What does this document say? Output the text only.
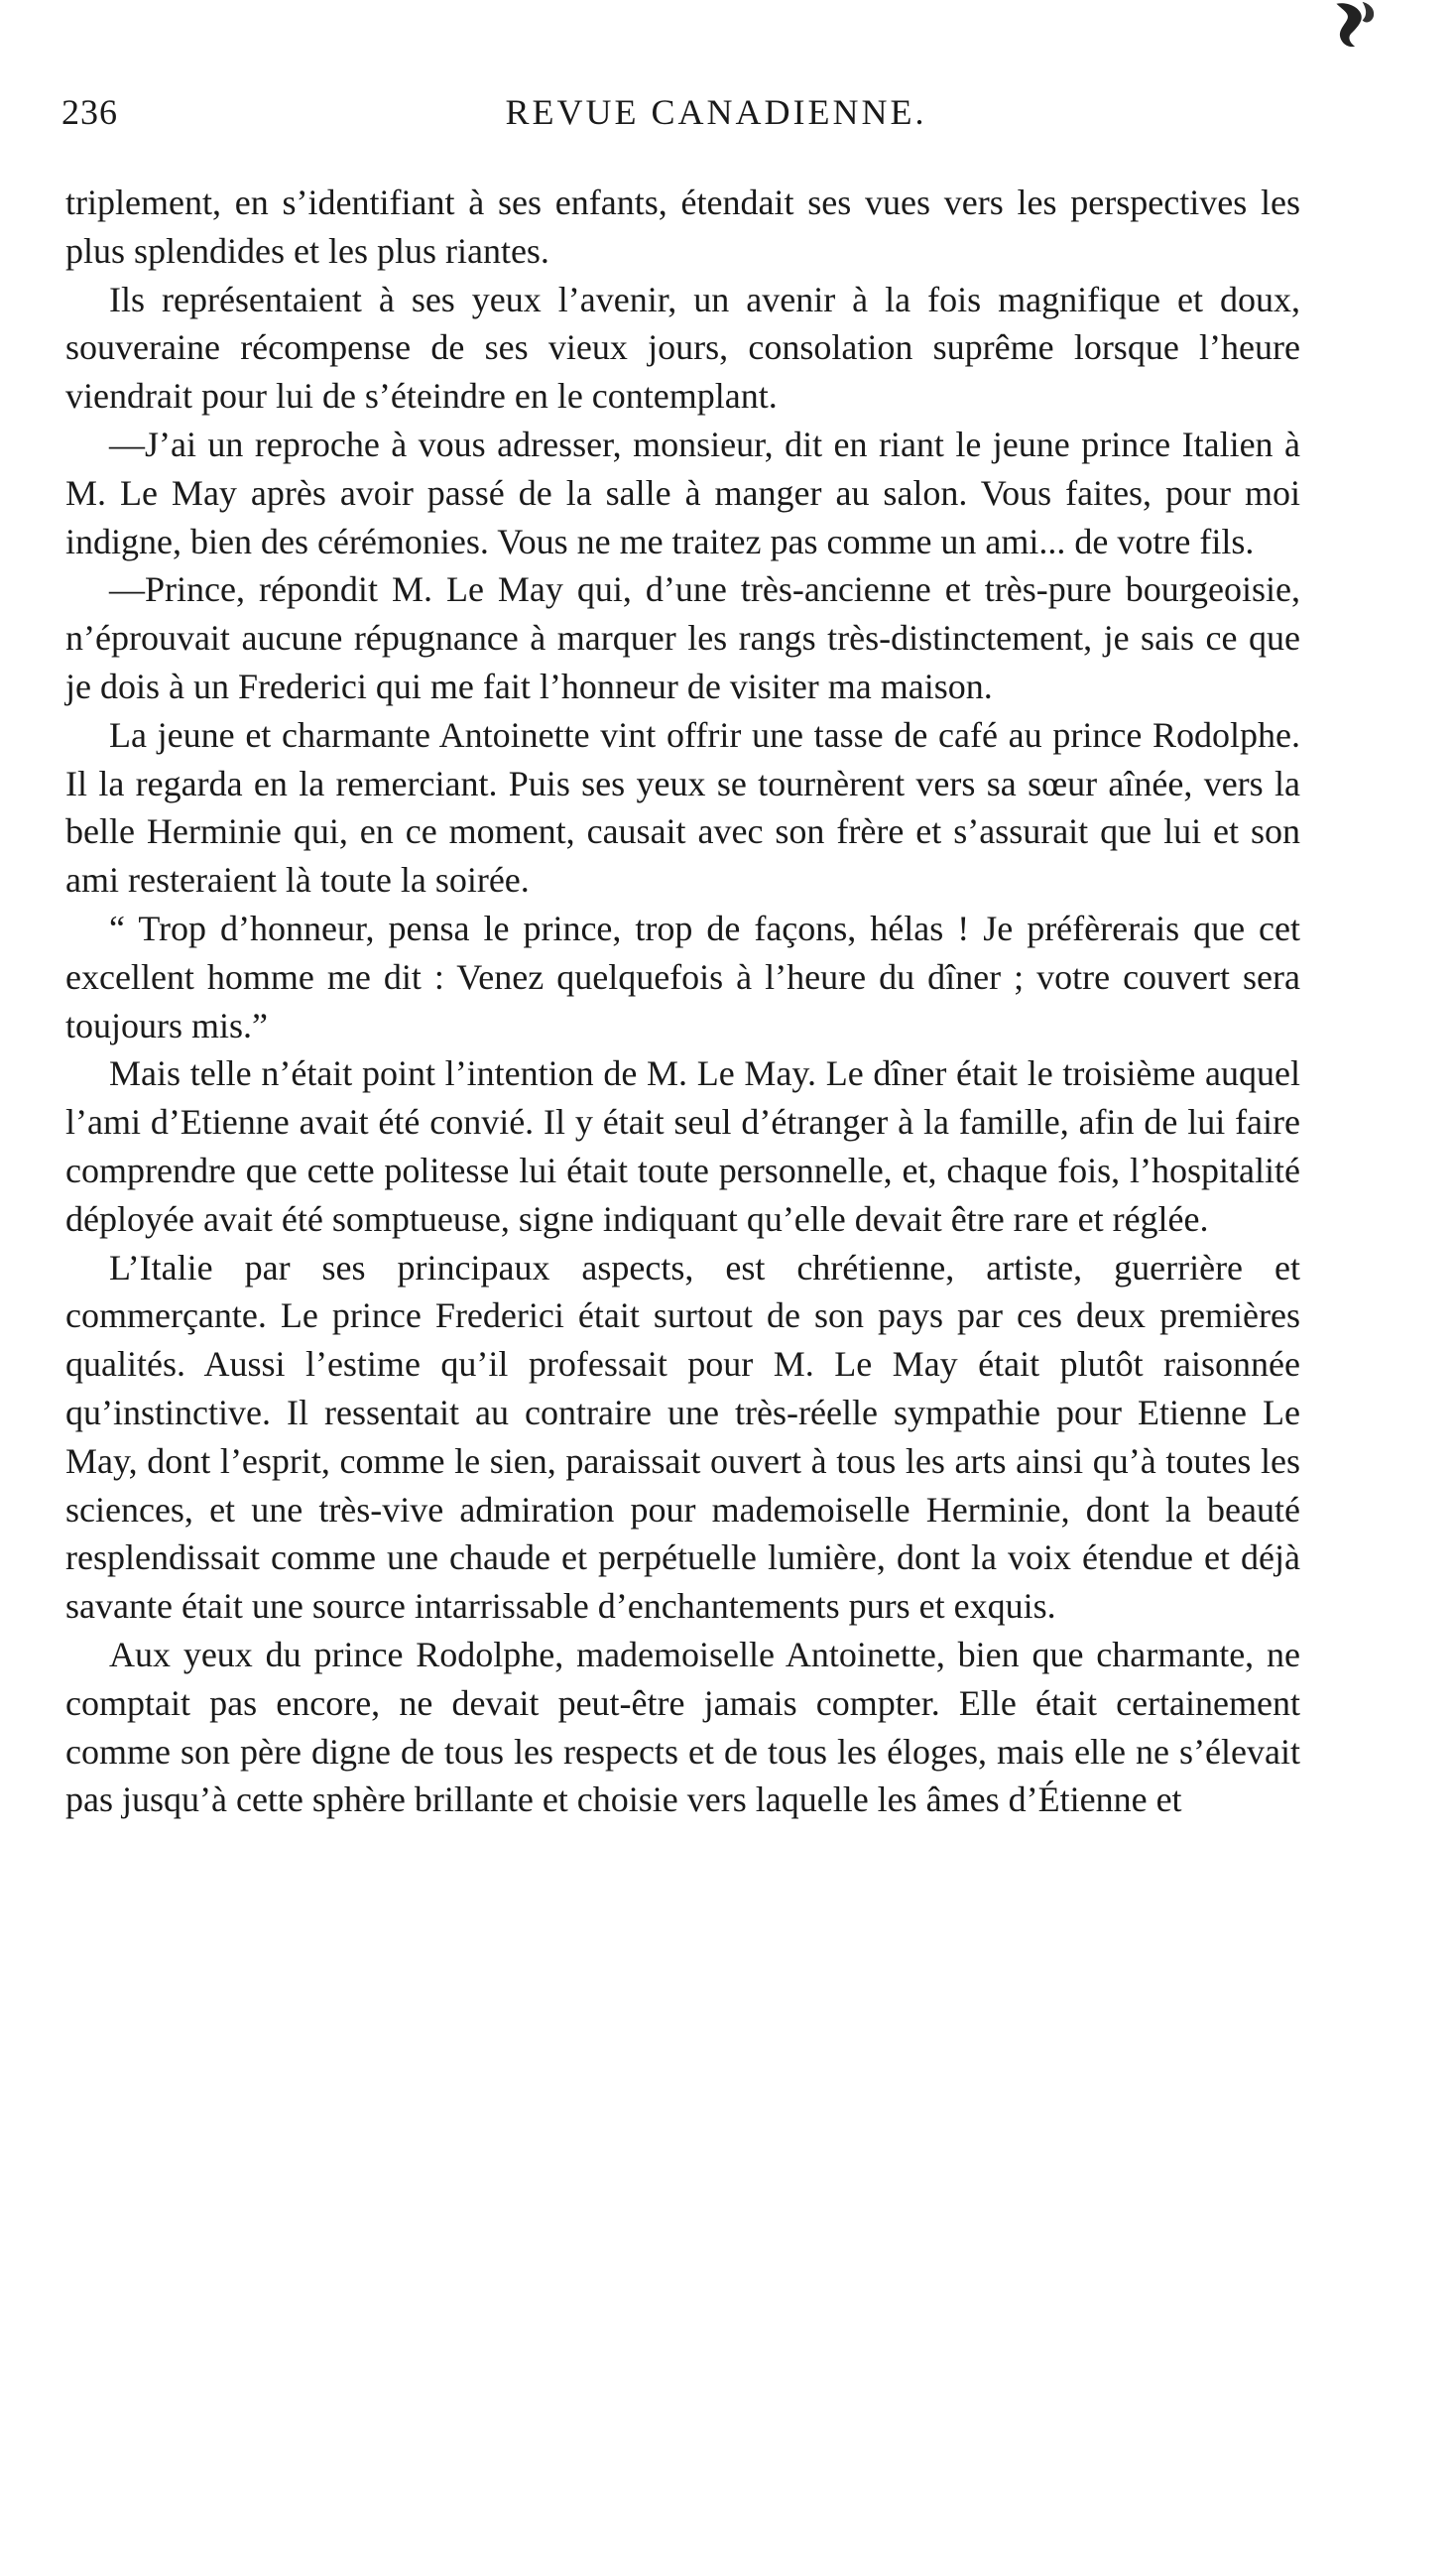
236	REVUE CANADIENNE.

triplement, en s’identifiant à ses enfants, étendait ses vues vers les perspectives les plus splendides et les plus riantes.

Ils représentaient à ses yeux l’avenir, un avenir à la fois magnifique et doux, souveraine récompense de ses vieux jours, consolation suprême lorsque l’heure viendrait pour lui de s’éteindre en le contemplant.

—J’ai un reproche à vous adresser, monsieur, dit en riant le jeune prince Italien à M. Le May après avoir passé de la salle à manger au salon. Vous faites, pour moi indigne, bien des cérémonies. Vous ne me traitez pas comme un ami... de votre fils.

—Prince, répondit M. Le May qui, d’une très-ancienne et très-pure bourgeoisie, n’éprouvait aucune répugnance à marquer les rangs très-distinctement, je sais ce que je dois à un Frederici qui me fait l’honneur de visiter ma maison.

La jeune et charmante Antoinette vint offrir une tasse de café au prince Rodolphe. Il la regarda en la remerciant. Puis ses yeux se tournèrent vers sa sœur aînée, vers la belle Herminie qui, en ce moment, causait avec son frère et s’assurait que lui et son ami resteraient là toute la soirée.

“ Trop d’honneur, pensa le prince, trop de façons, hélas ! Je préfèrerais que cet excellent homme me dit : Venez quelquefois à l’heure du dîner ; votre couvert sera toujours mis.”

Mais telle n’était point l’intention de M. Le May. Le dîner était le troisième auquel l’ami d’Etienne avait été convié. Il y était seul d’étranger à la famille, afin de lui faire comprendre que cette politesse lui était toute personnelle, et, chaque fois, l’hospitalité déployée avait été somptueuse, signe indiquant qu’elle devait être rare et réglée.

L’Italie par ses principaux aspects, est chrétienne, artiste, guerrière et commerçante. Le prince Frederici était surtout de son pays par ces deux premières qualités. Aussi l’estime qu’il professait pour M. Le May était plutôt raisonnée qu’instinctive. Il ressentait au contraire une très-réelle sympathie pour Etienne Le May, dont l’esprit, comme le sien, paraissait ouvert à tous les arts ainsi qu’à toutes les sciences, et une très-vive admiration pour mademoiselle Herminie, dont la beauté resplendissait comme une chaude et perpétuelle lumière, dont la voix étendue et déjà savante était une source intarrissable d’enchantements purs et exquis.

Aux yeux du prince Rodolphe, mademoiselle Antoinette, bien que charmante, ne comptait pas encore, ne devait peut-être jamais compter. Elle était certainement comme son père digne de tous les respects et de tous les éloges, mais elle ne s’élevait pas jusqu’à cette sphère brillante et choisie vers laquelle les âmes d’Étienne et
